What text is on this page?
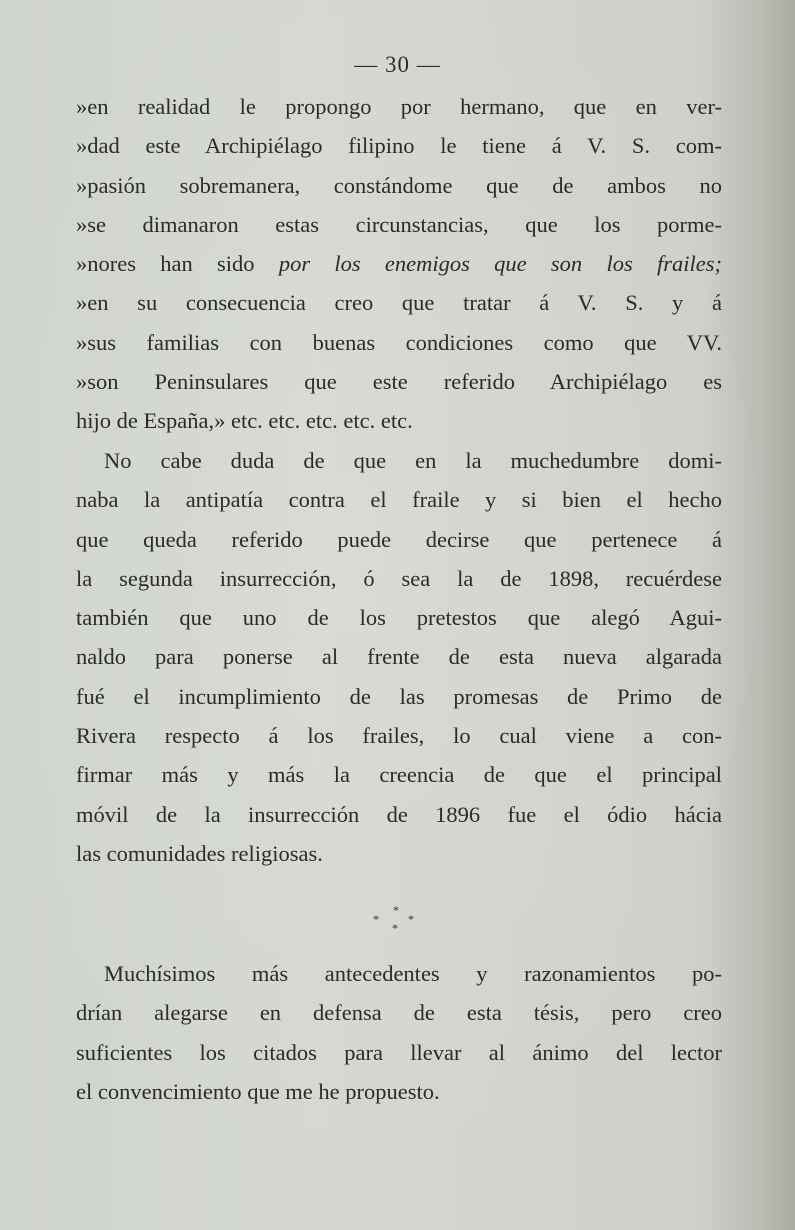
— 30 —
»en realidad le propongo por hermano, que en ver-
»dad este Archipiélago filipino le tiene á V. S. com-
»pasión sobremanera, constándome que de ambos no
»se dimanaron estas circunstancias, que los porme-
»nores han sido por los enemigos que son los frailes;
»en su consecuencia creo que tratar á V. S. y á
»sus familias con buenas condiciones como que VV.
»son Peninsulares que este referido Archipiélago es
hijo de España,» etc. etc. etc. etc. etc.
No cabe duda de que en la muchedumbre domi-
naba la antipatía contra el fraile y si bien el hecho
que queda referido puede decirse que pertenece á
la segunda insurrección, ó sea la de 1898, recuérdese
también que uno de los pretestos que alegó Agui-
naldo para ponerse al frente de esta nueva algarada
fué el incumplimiento de las promesas de Primo de
Rivera respecto á los frailes, lo cual viene a con-
firmar más y más la creencia de que el principal
móvil de la insurrección de 1896 fue el ódio hácia
las comunidades religiosas.
*
* *
*
Muchísimos más antecedentes y razonamientos po-
drían alegarse en defensa de esta tésis, pero creo
suficientes los citados para llevar al ánimo del lector
el convencimiento que me he propuesto.
